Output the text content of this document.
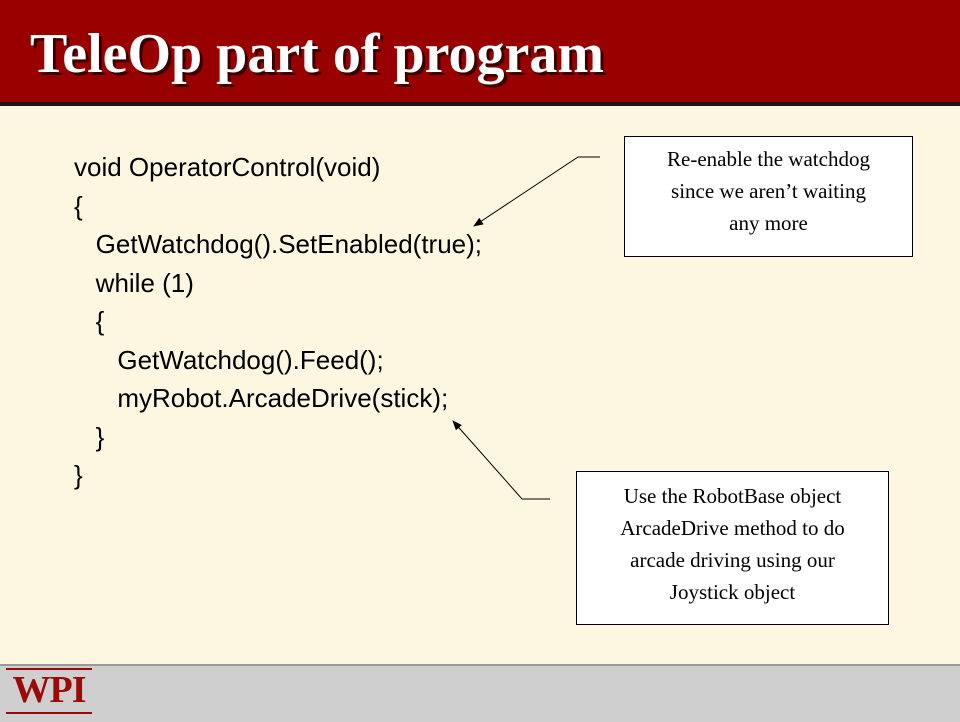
TeleOp part of program
void OperatorControl(void)
{
GetWatchdog().SetEnabled(true);
while (1)
{
GetWatchdog().Feed();
myRobot.ArcadeDrive(stick);
}
}
Re-enable the watchdog
since we aren’t waiting
any more
Use the RobotBase object
ArcadeDrive method to do
arcade driving using our
Joystick object
WPI
